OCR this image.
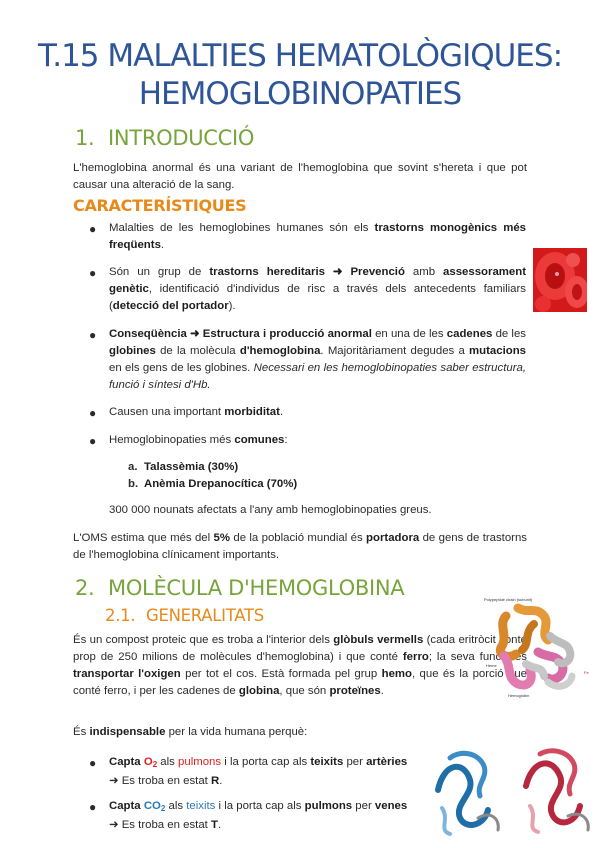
T.15 MALALTIES HEMATOLÒGIQUES:
HEMOGLOBINOPATIES
1. INTRODUCCIÓ
L'hemoglobina anormal és una variant de l'hemoglobina que sovint s'hereta i que pot causar una alteració de la sang.
CARACTERÍSTIQUES
● Malalties de les hemoglobines humanes són els trastorns monogènics més freqüents.
● Són un grup de trastorns hereditaris ➜ Prevenció amb assessorament genètic, identificació d'individus de risc a través dels antecedents familiars (detecció del portador).
● Conseqüència ➜ Estructura i producció anormal en una de les cadenes de les globines de la molècula d'hemoglobina. Majoritàriament degudes a mutacions en els gens de les globines. Necessari en les hemoglobinopaties saber estructura, funció i síntesi d'Hb.
● Causen una important morbiditat.
● Hemoglobinopaties més comunes:
a. Talassèmia (30%)
b. Anèmia Drepanocítica (70%)
300 000 nounats afectats a l'any amb hemoglobinopaties greus.
L'OMS estima que més del 5% de la població mundial és portadora de gens de trastorns de l'hemoglobina clínicament importants.
2. MOLÈCULA D'HEMOGLOBINA
2.1. GENERALITATS
És un compost proteic que es troba a l'interior dels glòbuls vermells (cada eritròcit conté prop de 250 milions de molècules d'hemoglobina) i que conté ferro; la seva funció és transportar l'oxigen per tot el cos. Està formada pel grup hemo, que és la porció que conté ferro, i per les cadenes de globina, que són proteïnes.
És indispensable per la vida humana perquè:
● Capta $O_2$ als pulmons i la porta cap als teixits per artèries
➜ Es troba en estat R.
● Capta $CO_2$ als teixits i la porta cap als pulmons per venes
➜ Es troba en estat T.
Polypeptide chain (subunit)
Heme
Fe
Hemoglobin
